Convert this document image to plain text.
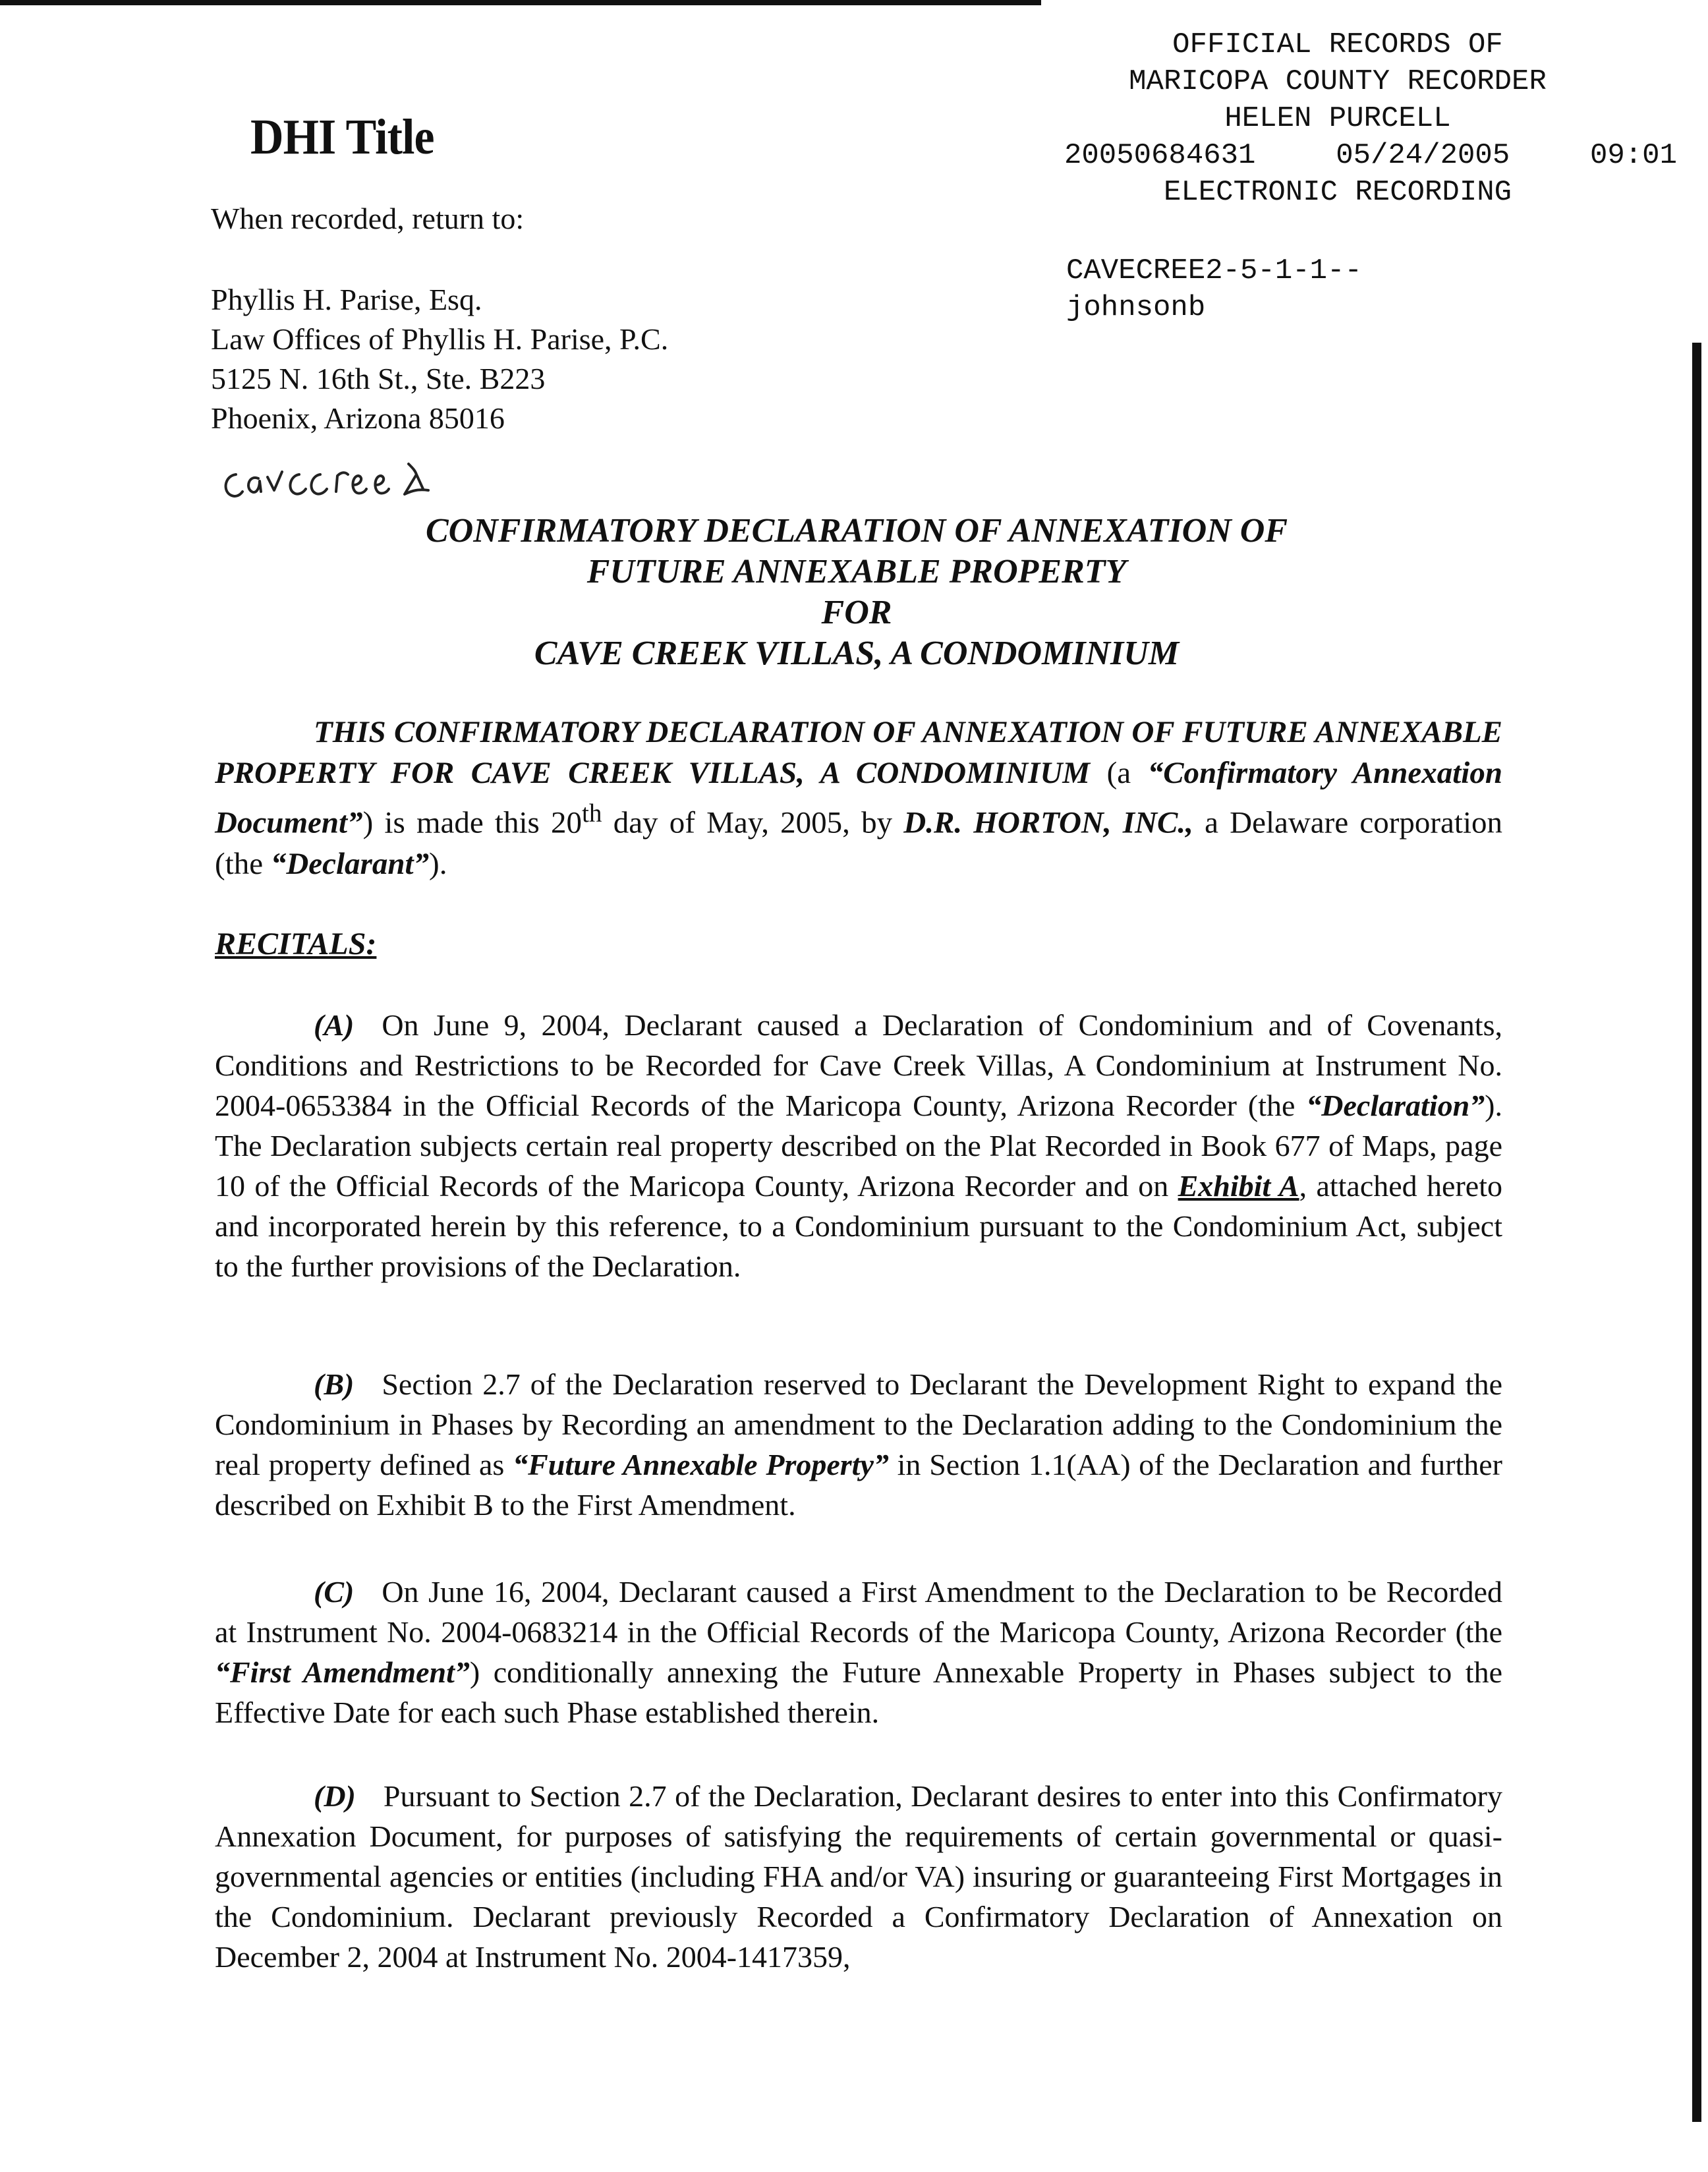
DHI Title
OFFICIAL RECORDS OF
MARICOPA COUNTY RECORDER
HELEN PURCELL
20050684631	05/24/2005	09:01
ELECTRONIC RECORDING
CAVECREE2-5-1-1--
johnsonb
When recorded, return to:
Phyllis H. Parise, Esq.
Law Offices of Phyllis H. Parise, P.C.
5125 N. 16th St., Ste. B223
Phoenix, Arizona 85016
CONFIRMATORY DECLARATION OF ANNEXATION OF
FUTURE ANNEXABLE PROPERTY
FOR
CAVE CREEK VILLAS, A CONDOMINIUM
THIS CONFIRMATORY DECLARATION OF ANNEXATION OF FUTURE ANNEXABLE PROPERTY FOR CAVE CREEK VILLAS, A CONDOMINIUM (a “Confirmatory Annexation Document”) is made this 20th day of May, 2005, by D.R. HORTON, INC., a Delaware corporation (the “Declarant”).
RECITALS:
(A) On June 9, 2004, Declarant caused a Declaration of Condominium and of Covenants, Conditions and Restrictions to be Recorded for Cave Creek Villas, A Condominium at Instrument No. 2004-0653384 in the Official Records of the Maricopa County, Arizona Recorder (the “Declaration”). The Declaration subjects certain real property described on the Plat Recorded in Book 677 of Maps, page 10 of the Official Records of the Maricopa County, Arizona Recorder and on Exhibit A, attached hereto and incorporated herein by this reference, to a Condominium pursuant to the Condominium Act, subject to the further provisions of the Declaration.
(B) Section 2.7 of the Declaration reserved to Declarant the Development Right to expand the Condominium in Phases by Recording an amendment to the Declaration adding to the Condominium the real property defined as “Future Annexable Property” in Section 1.1(AA) of the Declaration and further described on Exhibit B to the First Amendment.
(C) On June 16, 2004, Declarant caused a First Amendment to the Declaration to be Recorded at Instrument No. 2004-0683214 in the Official Records of the Maricopa County, Arizona Recorder (the “First Amendment”) conditionally annexing the Future Annexable Property in Phases subject to the Effective Date for each such Phase established therein.
(D) Pursuant to Section 2.7 of the Declaration, Declarant desires to enter into this Confirmatory Annexation Document, for purposes of satisfying the requirements of certain governmental or quasi-governmental agencies or entities (including FHA and/or VA) insuring or guaranteeing First Mortgages in the Condominium. Declarant previously Recorded a Confirmatory Declaration of Annexation on December 2, 2004 at Instrument No. 2004-1417359,
